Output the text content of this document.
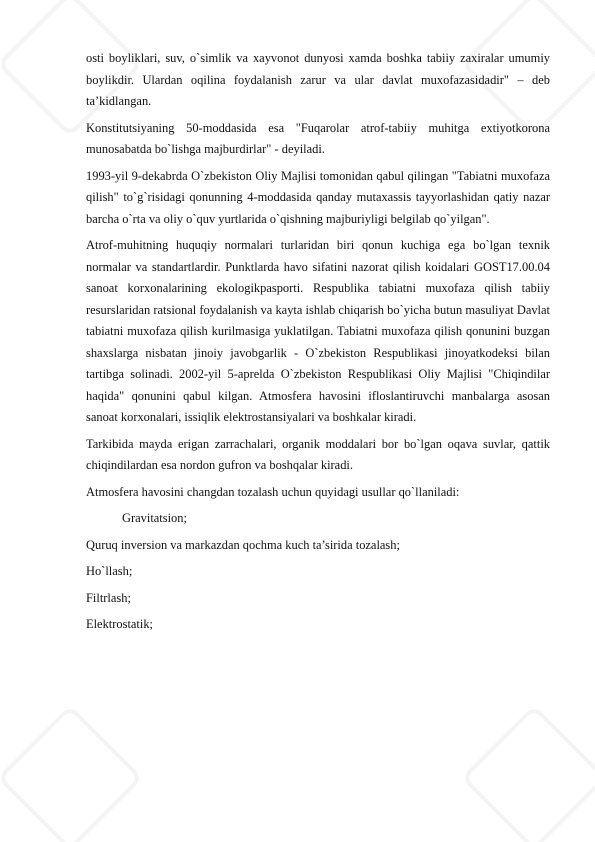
osti boyliklari, suv, o`simlik va xayvonot dunyosi xamda boshka tabiiy zaxiralar umumiy boylikdir. Ulardan oqilina foydalanish zarur va ular davlat muxofazasidadir" – deb ta’kidlangan.

Konstitutsiyaning 50-moddasida esa "Fuqarolar atrof-tabiiy muhitga extiyotkorona munosabatda bo`lishga majburdirlar" - deyiladi.

1993-yil 9-dekabrda O`zbekiston Oliy Majlisi tomonidan qabul qilingan "Tabiatni muxofaza qilish" to`g`risidagi qonunning 4-moddasida qanday mutaxassis tayyorlashidan qatiy nazar barcha o`rta va oliy o`quv yurtlarida o`qishning majburiyligi belgilab qo`yilgan".

Atrof-muhitning huquqiy normalari turlaridan biri qonun kuchiga ega bo`lgan texnik normalar va standartlardir. Punktlarda havo sifatini nazorat qilish koidalari GOST17.00.04 sanoat korxonalarining ekologikpasporti. Respublika tabiatni muxofaza qilish tabiiy resurslaridan ratsional foydalanish va kayta ishlab chiqarish bo`yicha butun masuliyat Davlat tabiatni muxofaza qilish kurilmasiga yuklatilgan. Tabiatni muxofaza qilish qonunini buzgan shaxslarga nisbatan jinoiy javobgarlik - O`zbekiston Respublikasi jinoyatkodeksi bilan tartibga solinadi. 2002-yil 5-aprelda O`zbekiston Respublikasi Oliy Majlisi "Chiqindilar haqida" qonunini qabul kilgan. Atmosfera havosini ifloslantiruvchi manbalarga asosan sanoat korxonalari, issiqlik elektrostansiyalari va boshkalar kiradi.

Tarkibida mayda erigan zarrachalari, organik moddalari bor bo`lgan oqava suvlar, qattik chiqindilardan esa nordon gufron va boshqalar kiradi.

Atmosfera havosini changdan tozalash uchun quyidagi usullar qo`llaniladi:

Gravitatsion;

Quruq inversion va markazdan qochma kuch ta’sirida tozalash;

Ho`llash;

Filtrlash;

Elektrostatik;
